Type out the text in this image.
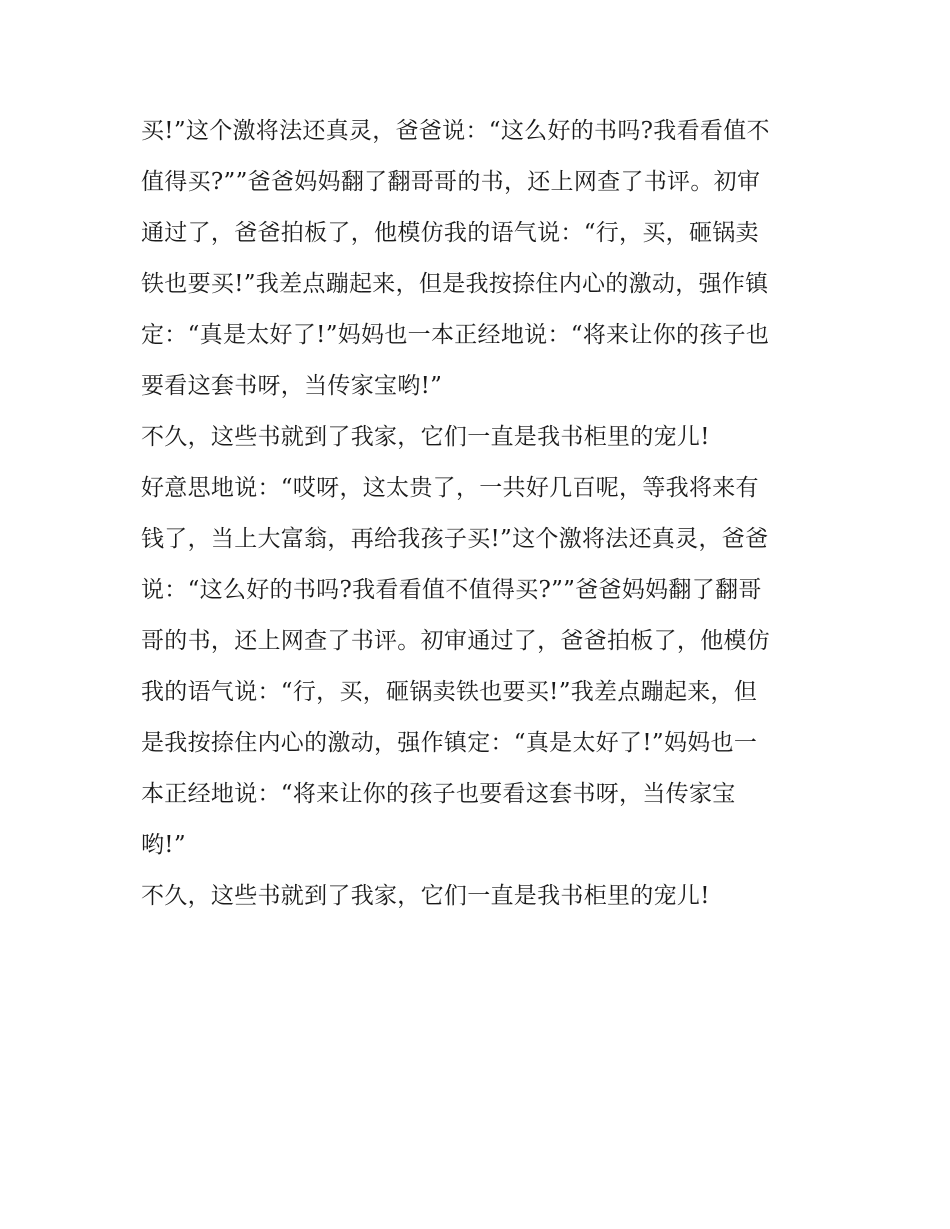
买!”这个激将法还真灵，爸爸说：“这么好的书吗?我看看值不
值得买?””爸爸妈妈翻了翻哥哥的书，还上网查了书评。初审
通过了，爸爸拍板了，他模仿我的语气说：“行，买，砸锅卖
铁也要买!”我差点蹦起来，但是我按捺住内心的激动，强作镇
定：“真是太好了!”妈妈也一本正经地说：“将来让你的孩子也
要看这套书呀，当传家宝哟!”
不久，这些书就到了我家，它们一直是我书柜里的宠儿!
好意思地说：“哎呀，这太贵了，一共好几百呢，等我将来有
钱了，当上大富翁，再给我孩子买!”这个激将法还真灵，爸爸
说：“这么好的书吗?我看看值不值得买?””爸爸妈妈翻了翻哥
哥的书，还上网查了书评。初审通过了，爸爸拍板了，他模仿
我的语气说：“行，买，砸锅卖铁也要买!”我差点蹦起来，但
是我按捺住内心的激动，强作镇定：“真是太好了!”妈妈也一
本正经地说：“将来让你的孩子也要看这套书呀，当传家宝
哟!”
不久，这些书就到了我家，它们一直是我书柜里的宠儿!
